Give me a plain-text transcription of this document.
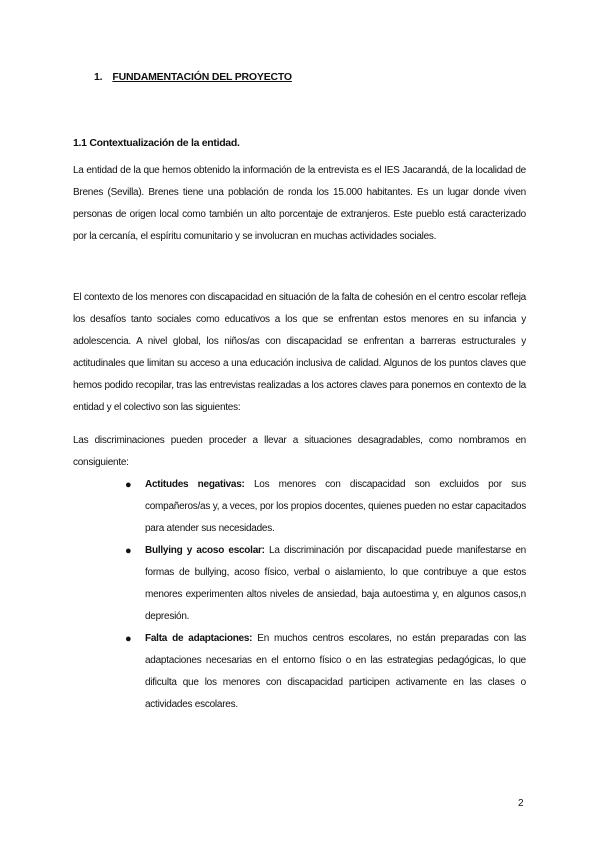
1. FUNDAMENTACIÓN DEL PROYECTO
1.1 Contextualización de la entidad.

La entidad de la que hemos obtenido la información de la entrevista es el IES Jacarandá, de la localidad de Brenes (Sevilla). Brenes tiene una población de ronda los 15.000 habitantes. Es un lugar donde viven personas de origen local como también un alto porcentaje de extranjeros. Este pueblo está caracterizado por la cercanía, el espíritu comunitario y se involucran en muchas actividades sociales.

El contexto de los menores con discapacidad en situación de la falta de cohesión en el centro escolar refleja los desafíos tanto sociales como educativos a los que se enfrentan estos menores en su infancia y adolescencia. A nivel global, los niños/as con discapacidad se enfrentan a barreras estructurales y actitudinales que limitan su acceso a una educación inclusiva de calidad. Algunos de los puntos claves que hemos podido recopilar, tras las entrevistas realizadas a los actores claves para ponernos en contexto de la entidad y el colectivo son las siguientes:

Las discriminaciones pueden proceder a llevar a situaciones desagradables, como nombramos en consiguiente:

● Actitudes negativas: Los menores con discapacidad son excluidos por sus compañeros/as y, a veces, por los propios docentes, quienes pueden no estar capacitados para atender sus necesidades.
● Bullying y acoso escolar: La discriminación por discapacidad puede manifestarse en formas de bullying, acoso físico, verbal o aislamiento, lo que contribuye a que estos menores experimenten altos niveles de ansiedad, baja autoestima y, en algunos casos,n depresión.
● Falta de adaptaciones: En muchos centros escolares, no están preparadas con las adaptaciones necesarias en el entorno físico o en las estrategias pedagógicas, lo que dificulta que los menores con discapacidad participen activamente en las clases o actividades escolares.
2
